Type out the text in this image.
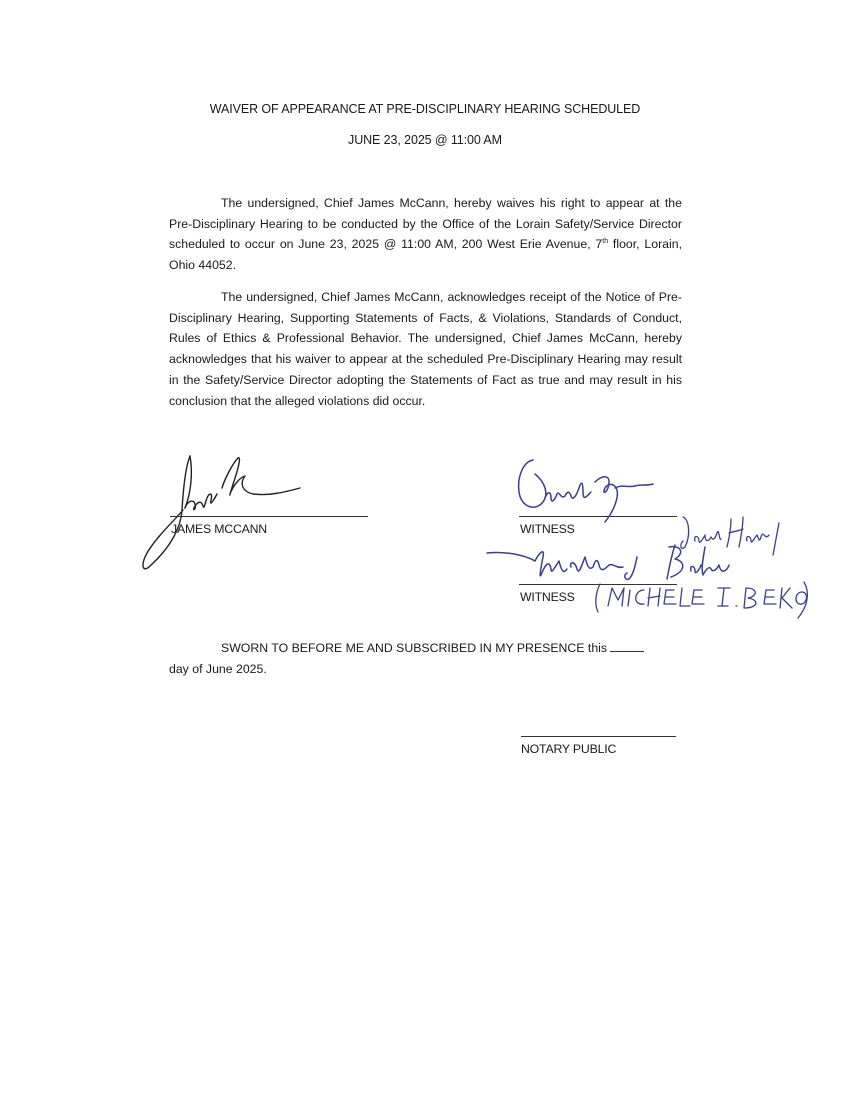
WAIVER OF APPEARANCE AT PRE-DISCIPLINARY HEARING SCHEDULED
JUNE 23, 2025 @ 11:00 AM

The undersigned, Chief James McCann, hereby waives his right to appear at the Pre-Disciplinary Hearing to be conducted by the Office of the Lorain Safety/Service Director scheduled to occur on June 23, 2025 @ 11:00 AM, 200 West Erie Avenue, 7th floor, Lorain, Ohio 44052.

The undersigned, Chief James McCann, acknowledges receipt of the Notice of Pre-Disciplinary Hearing, Supporting Statements of Facts, & Violations, Standards of Conduct, Rules of Ethics & Professional Behavior. The undersigned, Chief James McCann, hereby acknowledges that his waiver to appear at the scheduled Pre-Disciplinary Hearing may result in the Safety/Service Director adopting the Statements of Fact as true and may result in his conclusion that the alleged violations did occur.

JAMES MCCANN	WITNESS
WITNESS

SWORN TO BEFORE ME AND SUBSCRIBED IN MY PRESENCE this
day of June 2025.

NOTARY PUBLIC
